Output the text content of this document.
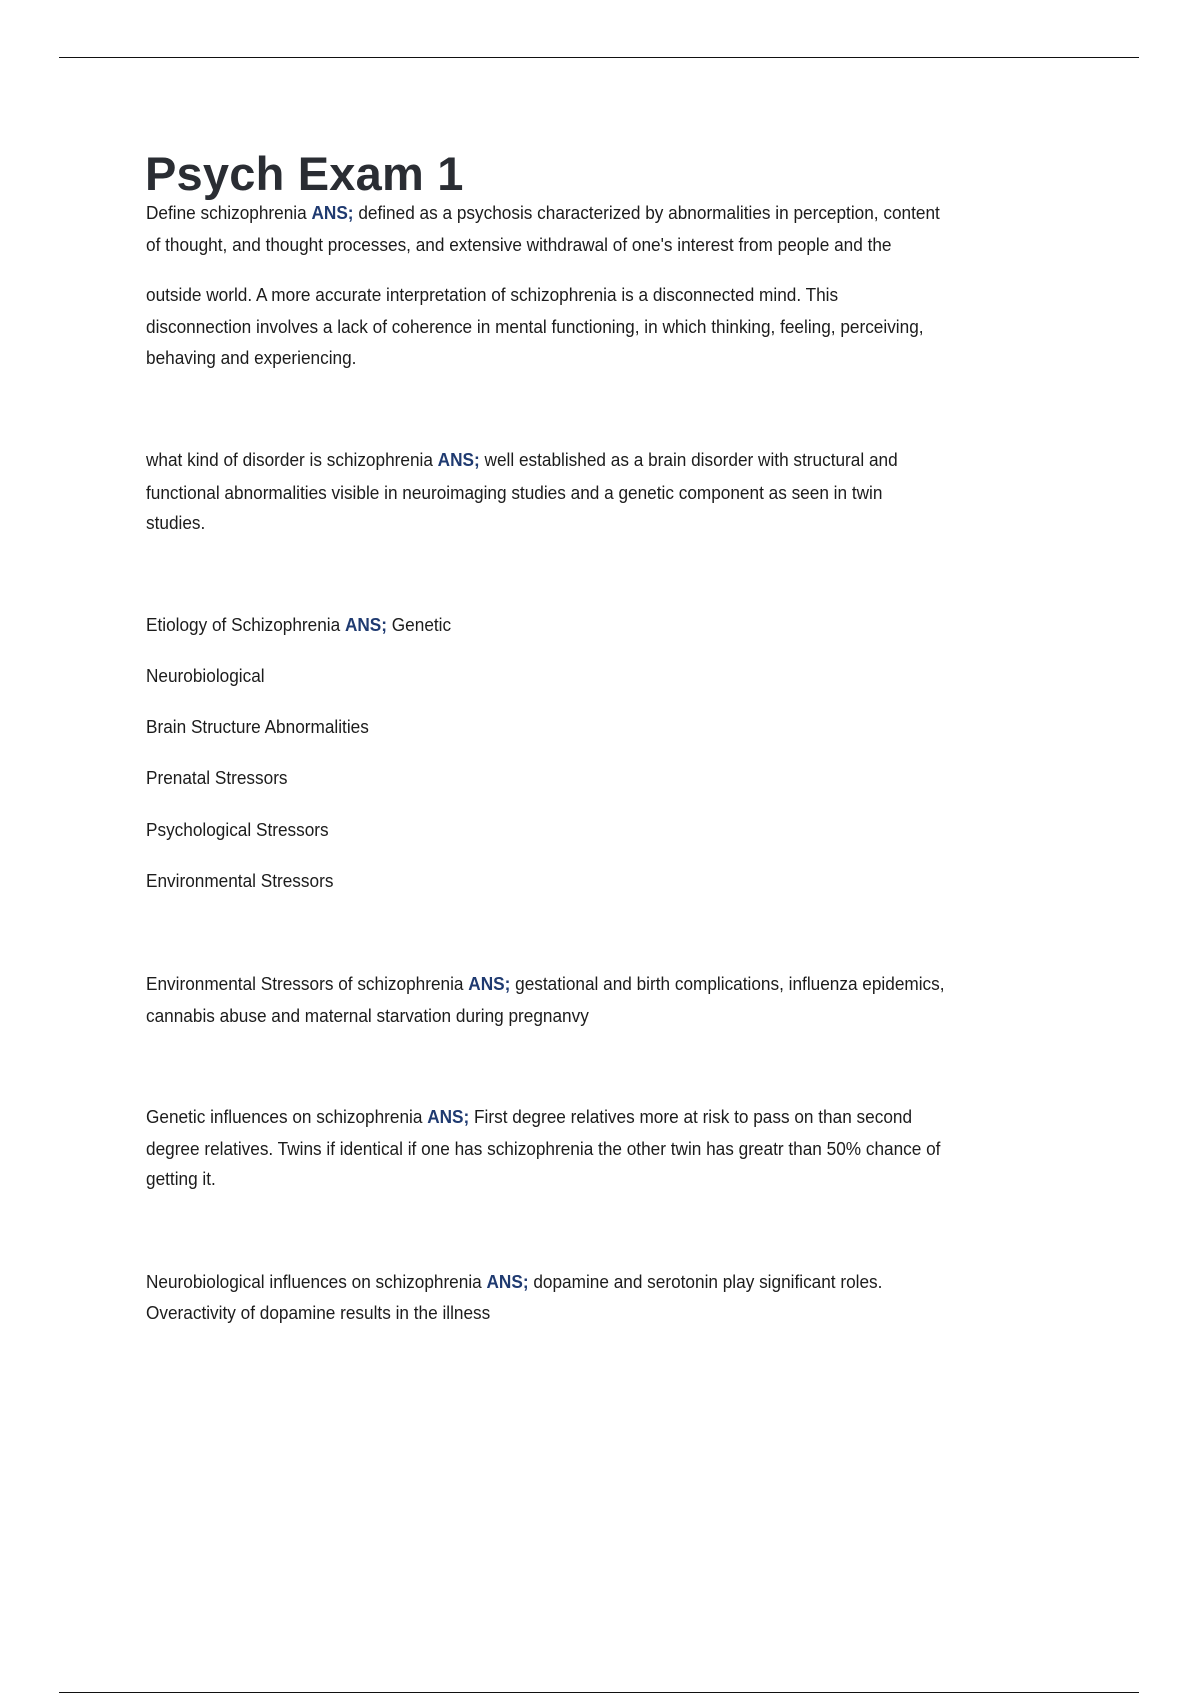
Psych Exam 1
Define schizophrenia ANS; defined as a psychosis characterized by abnormalities in perception, content
of thought, and thought processes, and extensive withdrawal of one's interest from people and the
outside world. A more accurate interpretation of schizophrenia is a disconnected mind. This
disconnection involves a lack of coherence in mental functioning, in which thinking, feeling, perceiving,
behaving and experiencing.
what kind of disorder is schizophrenia ANS; well established as a brain disorder with structural and
functional abnormalities visible in neuroimaging studies and a genetic component as seen in twin
studies.
Etiology of Schizophrenia ANS; Genetic
Neurobiological
Brain Structure Abnormalities
Prenatal Stressors
Psychological Stressors
Environmental Stressors
Environmental Stressors of schizophrenia ANS; gestational and birth complications, influenza epidemics,
cannabis abuse and maternal starvation during pregnanvy
Genetic influences on schizophrenia ANS; First degree relatives more at risk to pass on than second
degree relatives. Twins if identical if one has schizophrenia the other twin has greatr than 50% chance of
getting it.
Neurobiological influences on schizophrenia ANS; dopamine and serotonin play significant roles.
Overactivity of dopamine results in the illness
